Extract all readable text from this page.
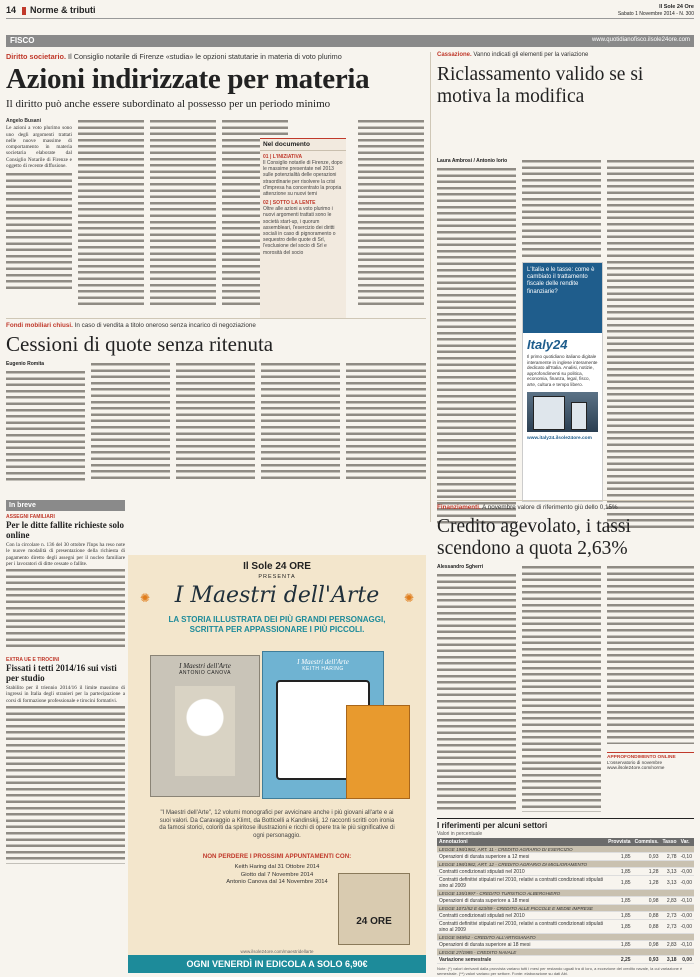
14 Norme & tributi	Il Sole 24 Ore
Sabato 1 Novembre 2014 - N. 300
FISCO	www.quotidianofisco.ilsole24ore.com
Diritto societario. Il Consiglio notarile di Firenze «studia» le opzioni statutarie in materia di voto plurimo
Azioni indirizzate per materia
Il diritto può anche essere subordinato al possesso per un periodo minimo
Angelo Busani

Le azioni a voto plurimo sono uno degli argomenti trattati nelle nuove massime di comportamento in materia societaria elaborate dal Consiglio Notarile di Firenze e oggetto di recente diffusione.

Nel documento
01 | L'INIZIATIVA
Il Consiglio notarile di Firenze, dopo le massime presentate nel 2013 sulle potenzialità delle operazioni straordinarie per risolvere la crisi d'impresa ha concentrato la propria attenzione su nuovi temi
02 | SOTTO LA LENTE
Oltre alle azioni a voto plurimo i nuovi argomenti trattati sono le società start-up, i quorum assembleari, l'esercizio dei diritti sociali in caso di pignoramento o sequestro delle quote di Srl, l'esclusione del socio di Srl e morosità del socio
Cassazione. Vanno indicati gli elementi per la variazione
Riclassamento valido se si motiva la modifica
Laura Ambrosi / Antonio Iorio
L'Italia e le tasse: come è cambiato il trattamento fiscale delle rendite finanziarie?
Italy24
Il primo quotidiano italiano digitale interamente in inglese interamente dedicato all'Italia. Analisi, notizie, approfondimenti su politica, economia, finanza, legal, fisco, arte, cultura e tempo libero.
www.italy24.ilsole24ore.com
Fondi mobiliari chiusi. In caso di vendita a titolo oneroso senza incarico di negoziazione
Cessioni di quote senza ritenuta
Eugenio Romita
In breve
ASSEGNI FAMILIARI
Per le ditte fallite richieste solo online
Con la circolare n. 136 del 30 ottobre l'Inps ha reso note le nuove modalità di presentazione della richiesta di pagamento diretto degli assegni per il nucleo familiare per i lavoratori di ditte cessate o fallite.
EXTRA UE E TIROCINI
Fissati i tetti 2014/16 sui visti per studio
Stabilito per il triennio 2014/16 il limite massimo di ingressi in Italia degli stranieri per la partecipazione a corsi di formazione professionale e tirocini formativi.
Il Sole 24 ORE
PRESENTA
I Maestri dell'Arte
✺	✺
LA STORIA ILLUSTRATA DEI PIÙ GRANDI PERSONAGGI, SCRITTA PER APPASSIONARE I PIÙ PICCOLI.
I Maestri dell'Arte
ANTONIO CANOVA
I Maestri dell'Arte
KEITH HARING
"I Maestri dell'Arte", 12 volumi monografici per avvicinare anche i più giovani all'arte e ai suoi valori. Da Caravaggio a Klimt, da Botticelli a Kandinskij, 12 racconti scritti con ironia da famosi storici, coloriti da spiritose illustrazioni e ricchi di opere tra le più significative di ogni personaggio.
NON PERDERE I PROSSIMI APPUNTAMENTI CON:
Keith Haring dal 31 Ottobre 2014
Giotto dal 7 Novembre 2014
Antonio Canova dal 14 Novembre 2014
24 ORE
www.ilsole24ore.com/maestridellarte
OGNI VENERDÌ IN EDICOLA A SOLO 6,90€
Finanziamenti. A novembre valore di riferimento giù dello 0,15%
Credito agevolato, i tassi scendono a quota 2,63%
Alessandro Sgherri
APPROFONDIMENTO ONLINE
L'osservatorio di novembre www.ilsole24ore.com/norme
I riferimenti per alcuni settori
Valori in percentuale
Annotazioni	Provvista	Commiss.	Tasso	Var.
LEGGE 198/1982, ART. 11 - CREDITO AGRARIO DI ESERCIZIO				
Operazioni di durata superiore a 12 mesi	1,85	0,93	2,78	-0,10
LEGGE 198/1982, ART. 12 - CREDITO AGRARIO DI MIGLIORAMENTO				
Contratti condizionati stipulati nel 2010	1,85	1,28	3,13	-0,00
Contratti definitivi stipulati nel 2010, relativi a contratti condizionati stipulati sino al 2009	1,85	1,28	3,13	-0,00
LEGGE 135/1997 - CREDITO TURISTICO ALBERGHIERO				
Operazioni di durata superiore a 18 mesi	1,85	0,98	2,83	-0,10
LEGGE 1071/52 E 623/59 - CREDITO ALLE PICCOLE E MEDIE IMPRESE				
Contratti condizionati stipulati nel 2010	1,85	0,88	2,73	-0,00
Contratti definitivi stipulati nel 2010, relativi a contratti condizionati stipulati sino al 2009	1,85	0,88	2,73	-0,00
LEGGE 949/52 - CREDITO ALL'ARTIGIANATO				
Operazioni di durata superiore ai 18 mesi	1,85	0,98	2,83	-0,10
LEGGE 27/1985 - CREDITO NAVALE				
Variazione semestrale	2,25	0,93	3,18	0,00
Note: (*) valori derivanti dalla provvista variano tutti i mesi per restando uguali tra di loro, a eccezione del credito navale, la cui variazione è semestrale. (**) valori variano per settore. Fonte: elaborazione su dati Abi.
